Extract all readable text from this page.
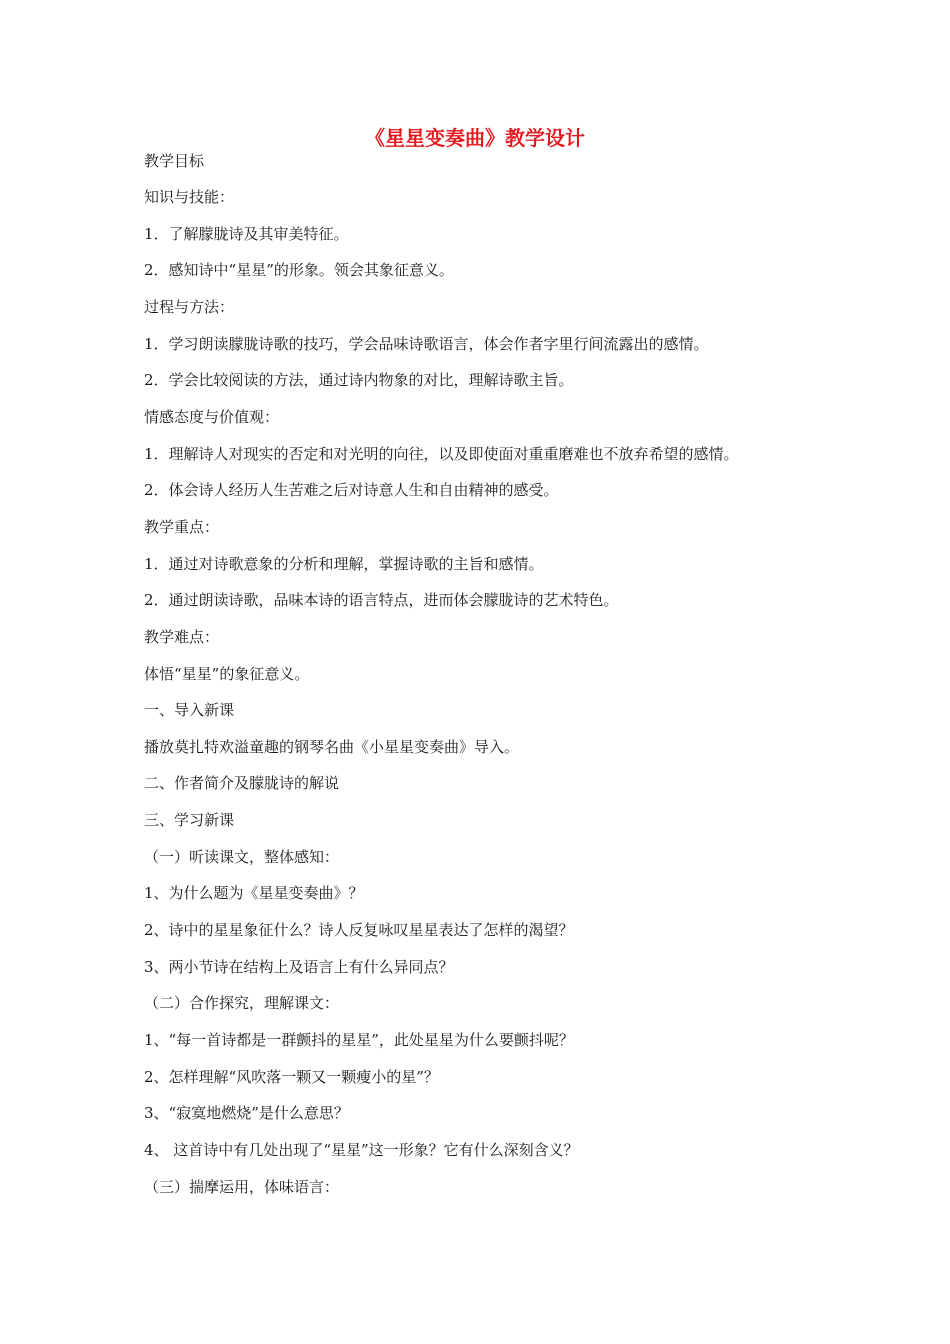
《星星变奏曲》教学设计
教学目标
知识与技能：
1．了解朦胧诗及其审美特征。
2．感知诗中“星星”的形象。领会其象征意义。
过程与方法：
1．学习朗读朦胧诗歌的技巧，学会品味诗歌语言，体会作者字里行间流露出的感情。
2．学会比较阅读的方法，通过诗内物象的对比，理解诗歌主旨。
情感态度与价值观：
1．理解诗人对现实的否定和对光明的向往，以及即使面对重重磨难也不放弃希望的感情。
2．体会诗人经历人生苦难之后对诗意人生和自由精神的感受。
教学重点：
1．通过对诗歌意象的分析和理解，掌握诗歌的主旨和感情。
2．通过朗读诗歌，品味本诗的语言特点，进而体会朦胧诗的艺术特色。
教学难点：
体悟“星星”的象征意义。
一、导入新课
播放莫扎特欢溢童趣的钢琴名曲《小星星变奏曲》导入。
二、作者简介及朦胧诗的解说
三、学习新课
（一）听读课文，整体感知：
1、为什么题为《星星变奏曲》？
2、诗中的星星象征什么？诗人反复咏叹星星表达了怎样的渴望？
3、两小节诗在结构上及语言上有什么异同点？
（二）合作探究，理解课文：
1、“每一首诗都是一群颤抖的星星”，此处星星为什么要颤抖呢？
2、怎样理解“风吹落一颗又一颗瘦小的星”？
3、“寂寞地燃烧”是什么意思？
4、 这首诗中有几处出现了“星星”这一形象？它有什么深刻含义？
（三）揣摩运用，体味语言：
